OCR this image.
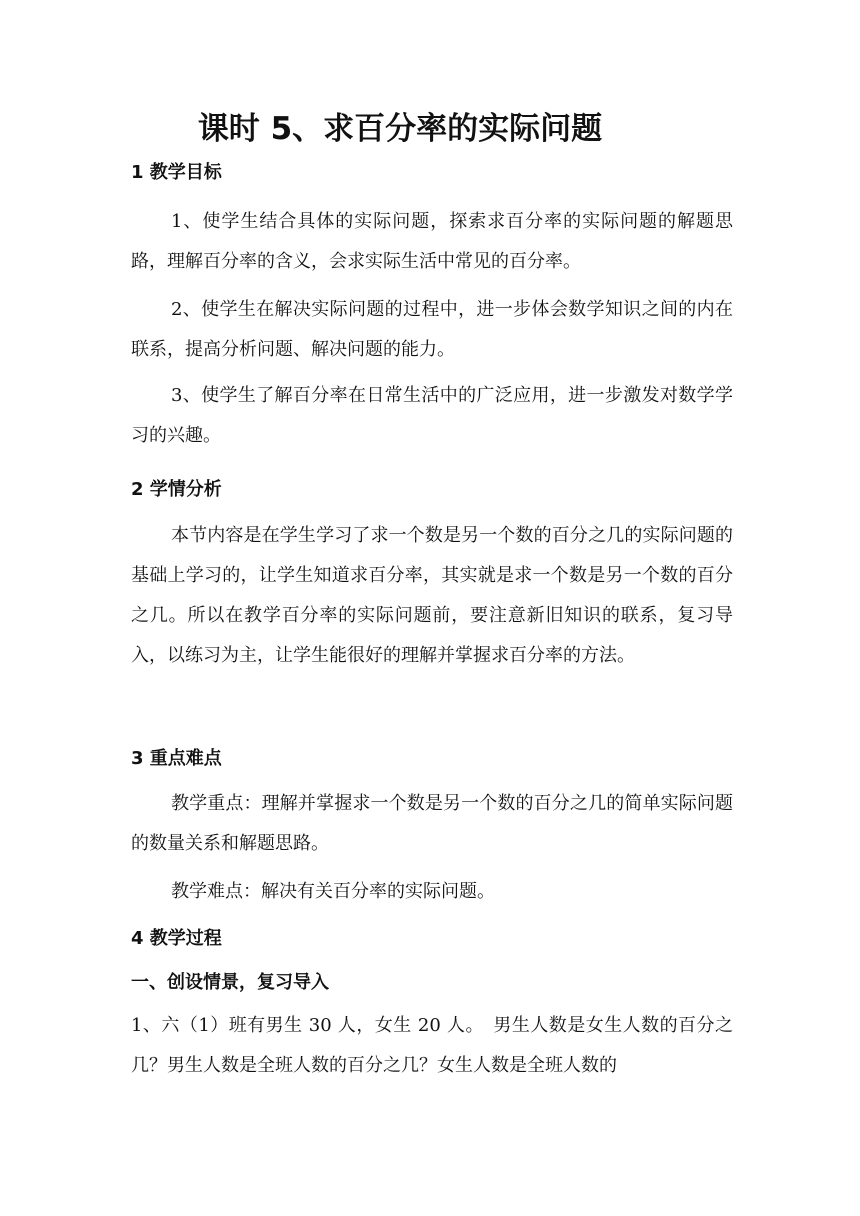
课时 5、求百分率的实际问题
1 教学目标

1、使学生结合具体的实际问题，探索求百分率的实际问题的解题思路，理解百分率的含义，会求实际生活中常见的百分率。

2、使学生在解决实际问题的过程中，进一步体会数学知识之间的内在联系，提高分析问题、解决问题的能力。

3、使学生了解百分率在日常生活中的广泛应用，进一步激发对数学学习的兴趣。

2 学情分析

本节内容是在学生学习了求一个数是另一个数的百分之几的实际问题的基础上学习的，让学生知道求百分率，其实就是求一个数是另一个数的百分之几。所以在教学百分率的实际问题前，要注意新旧知识的联系，复习导入，以练习为主，让学生能很好的理解并掌握求百分率的方法。

3 重点难点

教学重点：理解并掌握求一个数是另一个数的百分之几的简单实际问题的数量关系和解题思路。

教学难点：解决有关百分率的实际问题。

4 教学过程
一、创设情景，复习导入

1、六（1）班有男生 30 人，女生 20 人。　男生人数是女生人数的百分之几？男生人数是全班人数的百分之几？女生人数是全班人数的
